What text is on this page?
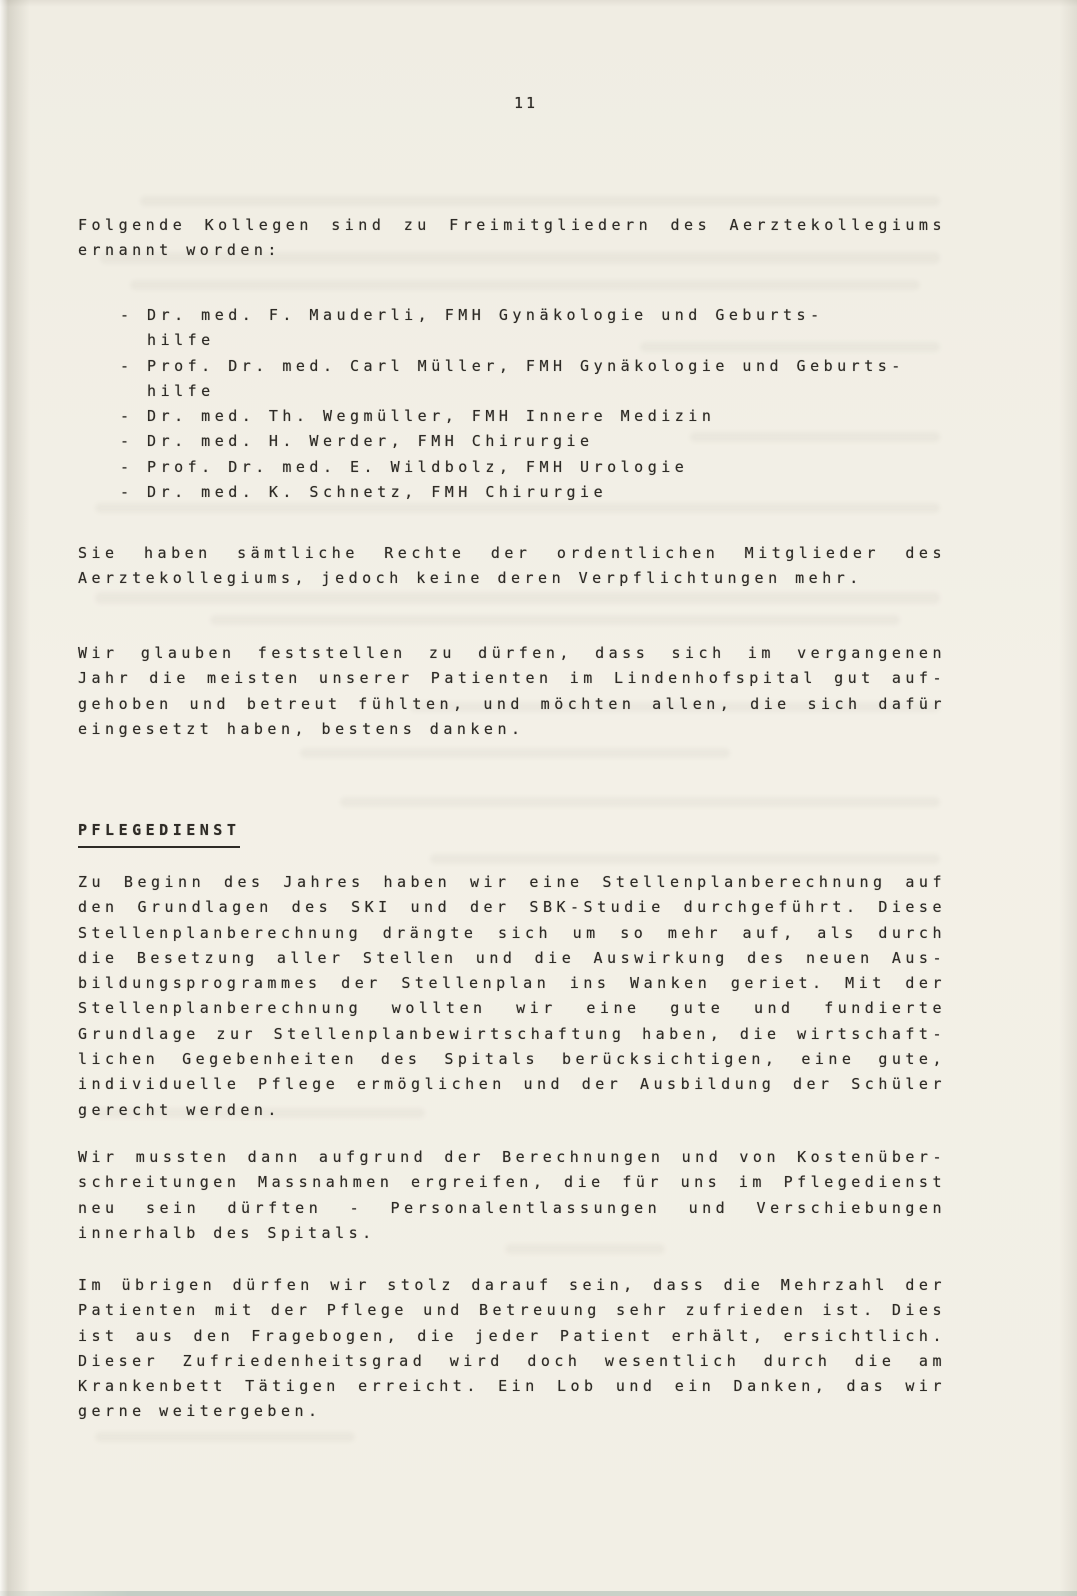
11
Folgende Kollegen sind zu Freimitgliedern des Aerztekollegiums
ernannt worden:
- Dr. med. F. Mauderli, FMH Gynäkologie und Geburts-
hilfe
- Prof. Dr. med. Carl Müller, FMH Gynäkologie und Geburts-
hilfe
- Dr. med. Th. Wegmüller, FMH Innere Medizin
- Dr. med. H. Werder, FMH Chirurgie
- Prof. Dr. med. E. Wildbolz, FMH Urologie
- Dr. med. K. Schnetz, FMH Chirurgie
Sie haben sämtliche Rechte der ordentlichen Mitglieder des
Aerztekollegiums, jedoch keine deren Verpflichtungen mehr.
Wir glauben feststellen zu dürfen, dass sich im vergangenen
Jahr die meisten unserer Patienten im Lindenhofspital gut auf-
gehoben und betreut fühlten, und möchten allen, die sich dafür
eingesetzt haben, bestens danken.
PFLEGEDIENST
Zu Beginn des Jahres haben wir eine Stellenplanberechnung auf
den Grundlagen des SKI und der SBK-Studie durchgeführt. Diese
Stellenplanberechnung drängte sich um so mehr auf, als durch
die Besetzung aller Stellen und die Auswirkung des neuen Aus-
bildungsprogrammes der Stellenplan ins Wanken geriet. Mit der
Stellenplanberechnung wollten wir eine gute und fundierte
Grundlage zur Stellenplanbewirtschaftung haben, die wirtschaft-
lichen Gegebenheiten des Spitals berücksichtigen, eine gute,
individuelle Pflege ermöglichen und der Ausbildung der Schüler
gerecht werden.
Wir mussten dann aufgrund der Berechnungen und von Kostenüber-
schreitungen Massnahmen ergreifen, die für uns im Pflegedienst
neu sein dürften - Personalentlassungen und Verschiebungen
innerhalb des Spitals.
Im übrigen dürfen wir stolz darauf sein, dass die Mehrzahl der
Patienten mit der Pflege und Betreuung sehr zufrieden ist. Dies
ist aus den Fragebogen, die jeder Patient erhält, ersichtlich.
Dieser Zufriedenheitsgrad wird doch wesentlich durch die am
Krankenbett Tätigen erreicht. Ein Lob und ein Danken, das wir
gerne weitergeben.
